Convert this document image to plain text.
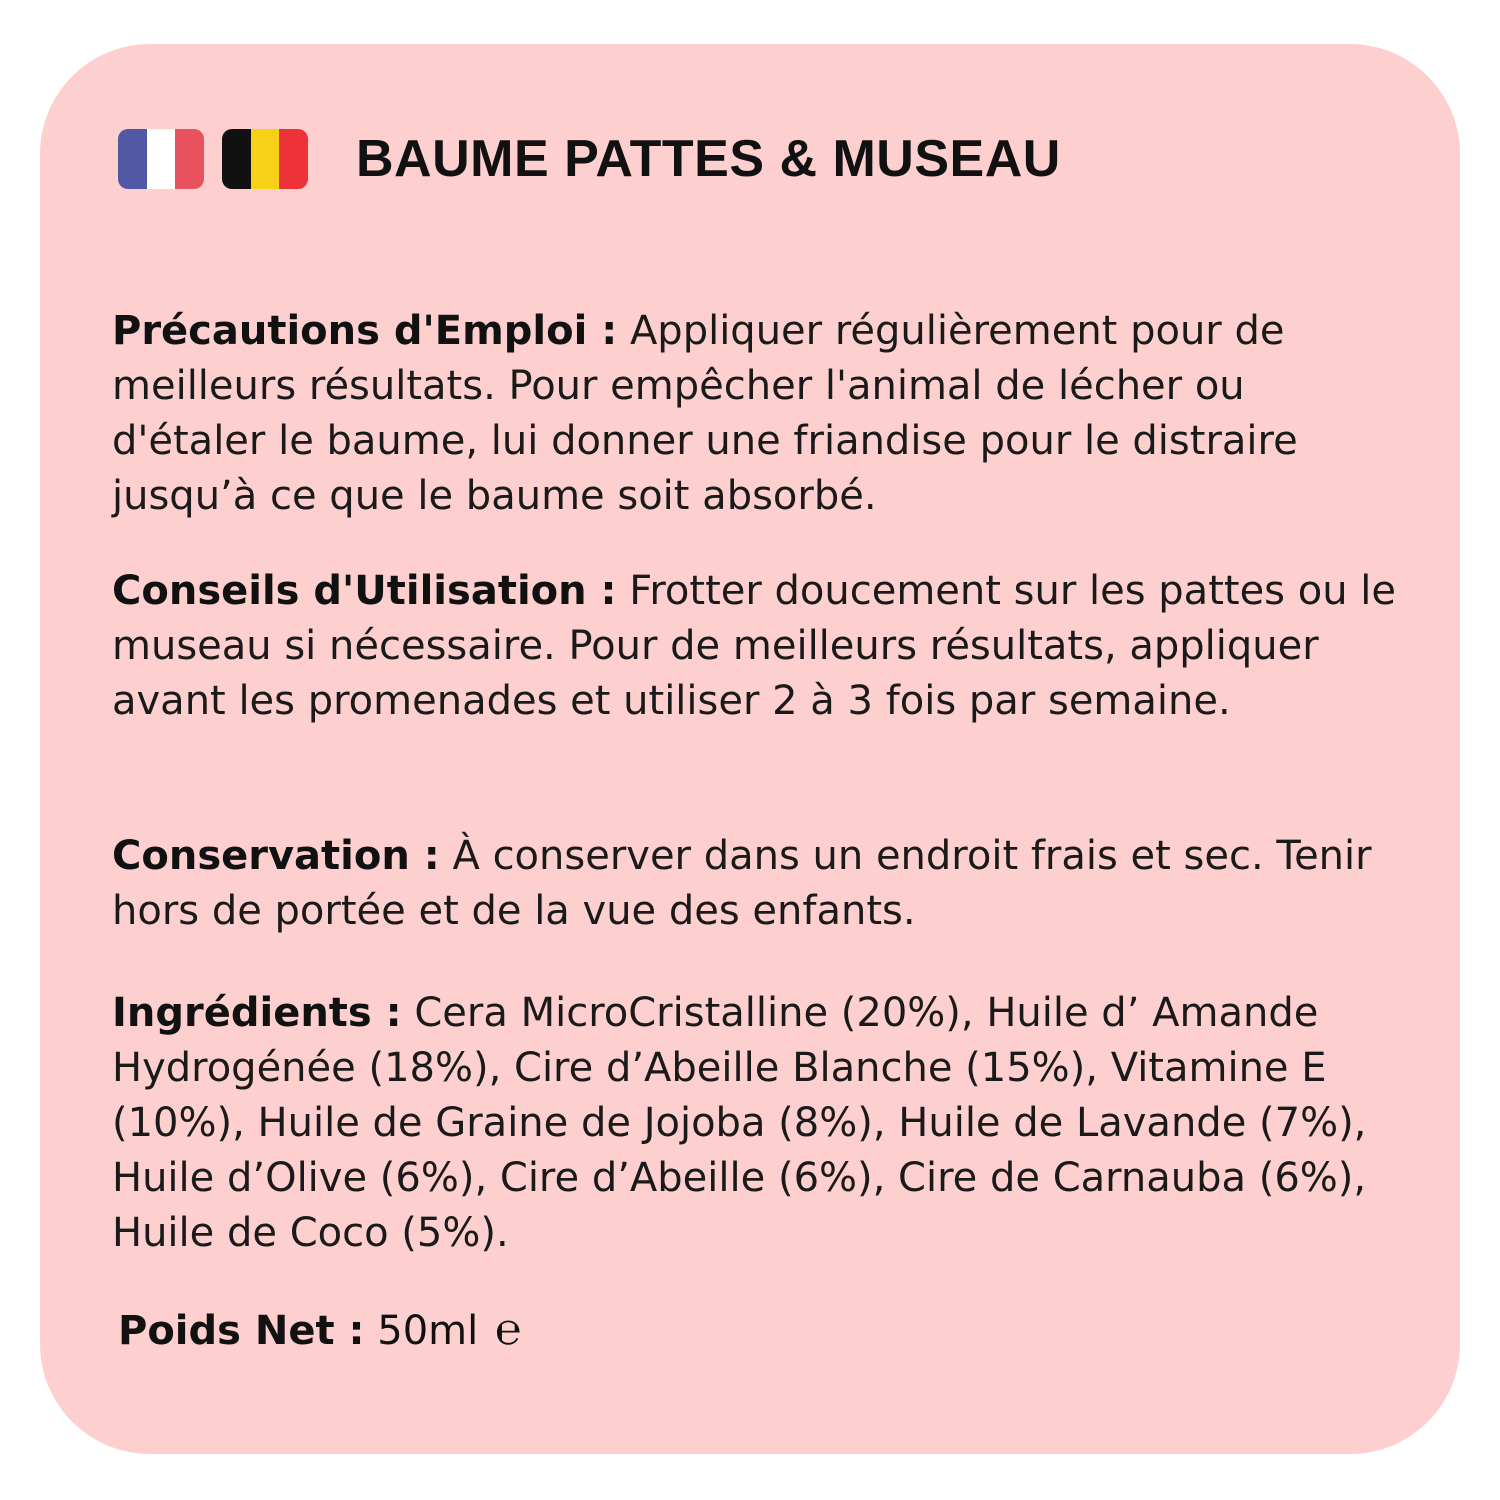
BAUME PATTES & MUSEAU

Précautions d'Emploi : Appliquer régulièrement pour de meilleurs résultats. Pour empêcher l'animal de lécher ou d'étaler le baume, lui donner une friandise pour le distraire jusqu’à ce que le baume soit absorbé.

Conseils d'Utilisation : Frotter doucement sur les pattes ou le museau si nécessaire. Pour de meilleurs résultats, appliquer avant les promenades et utiliser 2 à 3 fois par semaine.

Conservation : À conserver dans un endroit frais et sec. Tenir hors de portée et de la vue des enfants.

Ingrédients : Cera MicroCristalline (20%), Huile d’ Amande Hydrogénée (18%), Cire d’Abeille Blanche (15%), Vitamine E (10%), Huile de Graine de Jojoba (8%), Huile de Lavande (7%), Huile d’Olive (6%), Cire d’Abeille (6%), Cire de Carnauba (6%), Huile de Coco (5%).

Poids Net : 50ml ℮
